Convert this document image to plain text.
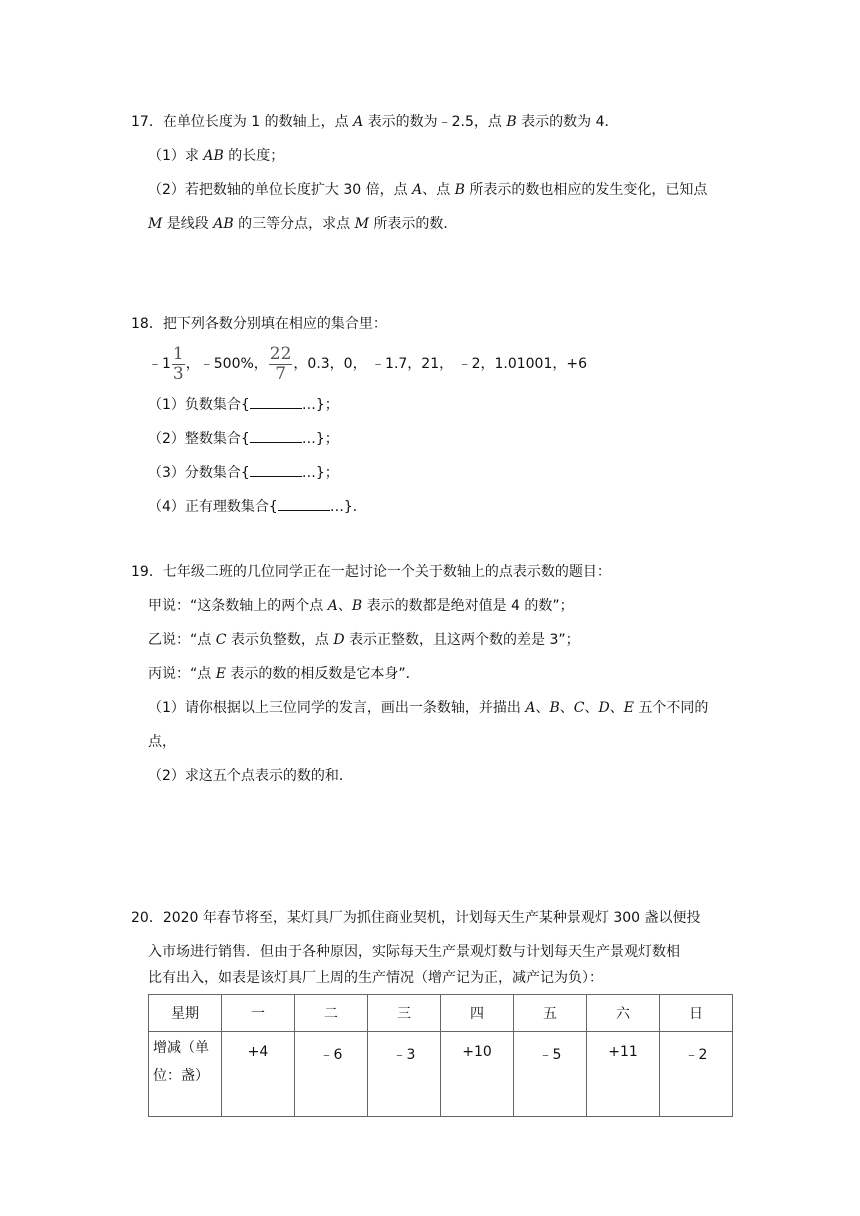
17．在单位长度为 1 的数轴上，点 A 表示的数为﹣2.5，点 B 表示的数为 4．
（1）求 AB 的长度；
（2）若把数轴的单位长度扩大 30 倍，点 A、点 B 所表示的数也相应的发生变化，已知点
M 是线段 AB 的三等分点，求点 M 所表示的数．
18．把下列各数分别填在相应的集合里：
﹣1 $\frac{1}{3}$ ，﹣500%， $\frac{22}{7}$ ，0.3，0， ﹣1.7，21， ﹣2，1.01001，+6
（1）负数集合{	…}；
（2）整数集合{	…}；
（3）分数集合{	…}；
（4）正有理数集合{	…}．
19．七年级二班的几位同学正在一起讨论一个关于数轴上的点表示数的题目：
甲说：“这条数轴上的两个点 A、B 表示的数都是绝对值是 4 的数”；
乙说：“点 C 表示负整数，点 D 表示正整数，且这两个数的差是 3”；
丙说：“点 E 表示的数的相反数是它本身”．
（1）请你根据以上三位同学的发言，画出一条数轴，并描出 A、B、C、D、E 五个不同的
点，
（2）求这五个点表示的数的和．
20．2020 年春节将至，某灯具厂为抓住商业契机，计划每天生产某种景观灯 300 盏以便投
入市场进行销售．但由于各种原因，实际每天生产景观灯数与计划每天生产景观灯数相
比有出入，如表是该灯具厂上周的生产情况（增产记为正，减产记为负）：
星期	一	二	三	四	五	六	日

增减（单
位：盏）	+4	﹣6	﹣3	+10	﹣5	+11	﹣2
